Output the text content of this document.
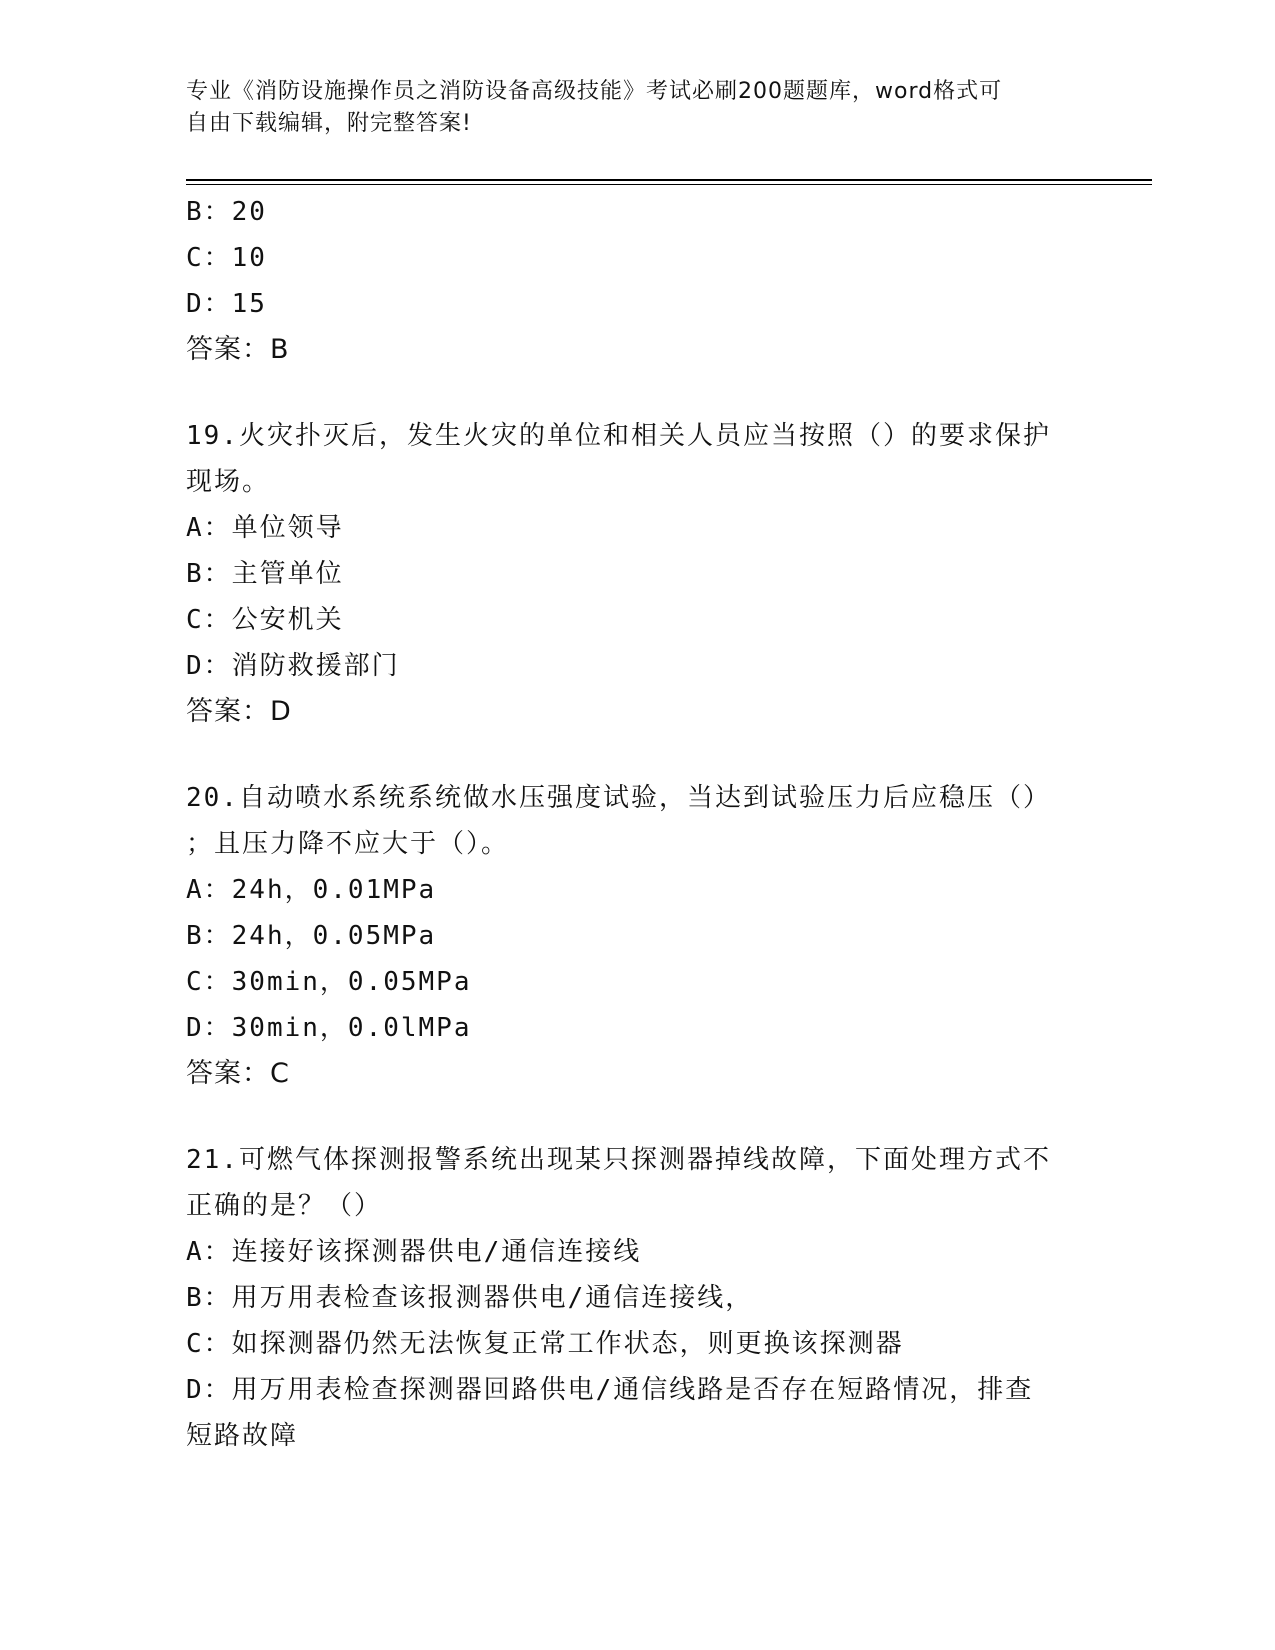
专业《消防设施操作员之消防设备高级技能》考试必刷200题题库，word格式可
自由下载编辑，附完整答案!
B：20
C：10
D：15
答案：B
19.火灾扑灭后，发生火灾的单位和相关人员应当按照（）的要求保护
现场。
A：单位领导
B：主管单位
C：公安机关
D：消防救援部门
答案：D
20.自动喷水系统系统做水压强度试验，当达到试验压力后应稳压（）
；且压力降不应大于（）。
A：24h，0.01MPa
B：24h，0.05MPa
C：30min，0.05MPa
D：30min，0.0lMPa
答案：C
21.可燃气体探测报警系统出现某只探测器掉线故障，下面处理方式不
正确的是？（）
A：连接好该探测器供电/通信连接线
B：用万用表检查该报测器供电/通信连接线，
C：如探测器仍然无法恢复正常工作状态，则更换该探测器
D：用万用表检查探测器回路供电/通信线路是否存在短路情况，排查
短路故障
